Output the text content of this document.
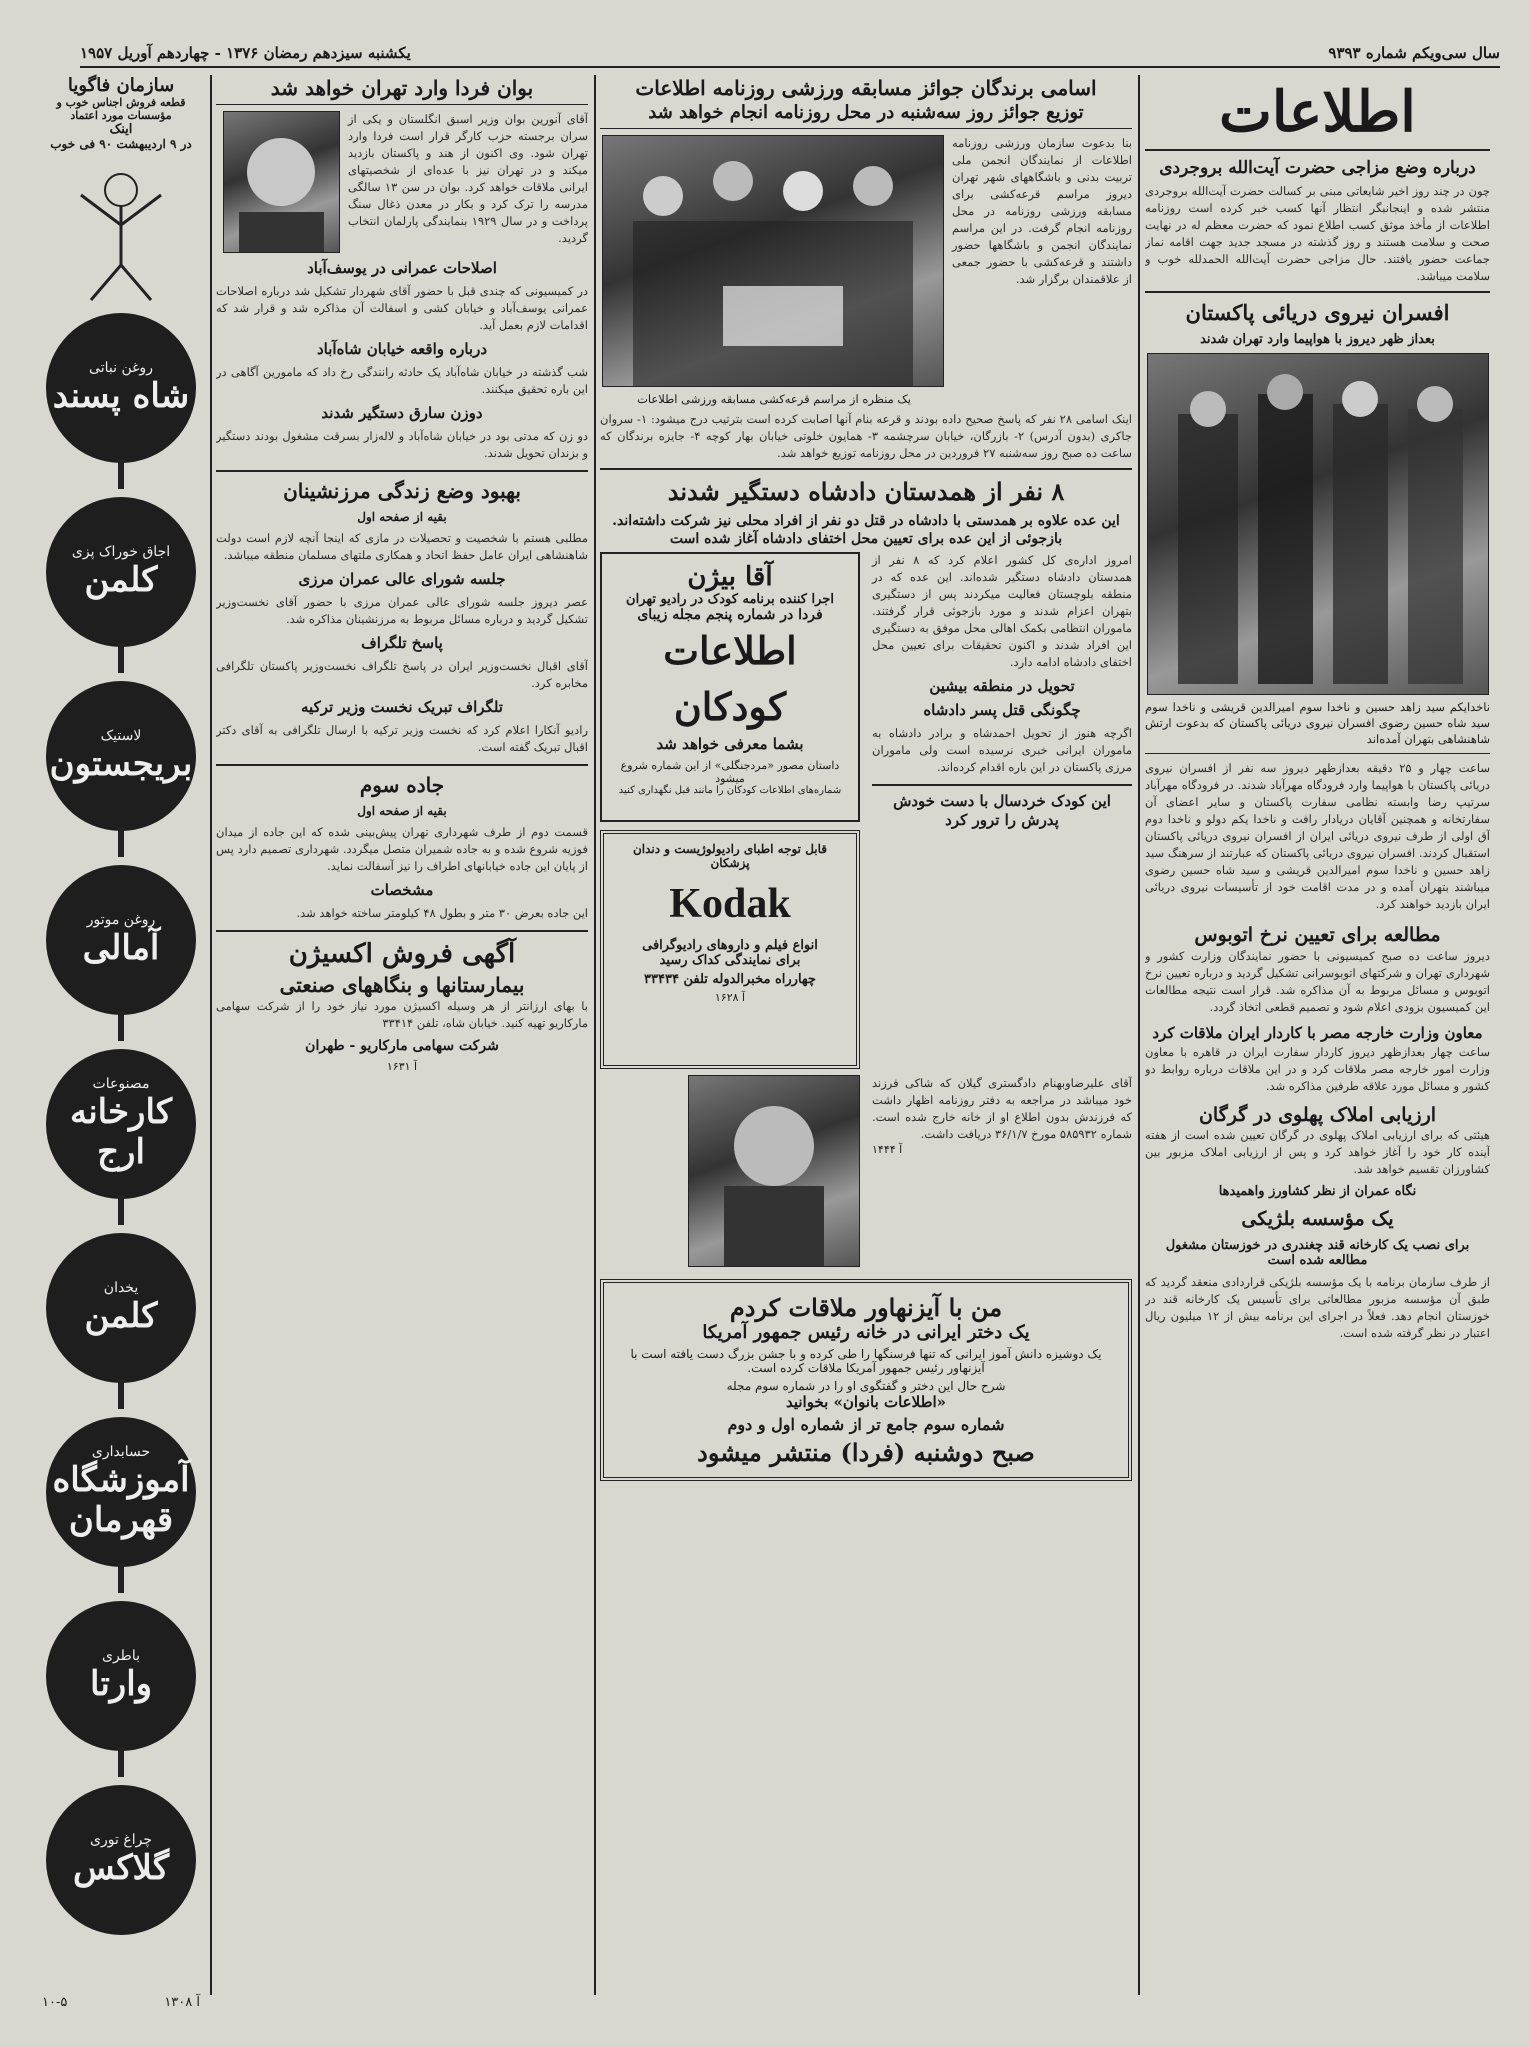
سال سی‌و‌یکم شماره ۹۳۹۳
یکشنبه سیزدهم رمضان ۱۳۷۶ - چهاردهم آوریل ۱۹۵۷
اطلاعات
درباره وضع مزاجی حضرت آیت‌الله بروجردی
چون در چند روز اخیر شایعاتی مبنی بر کسالت حضرت آیت‌الله بروجردی منتشر شده و اینجانبگر انتظار آنها کسب خبر کرده است روزنامه اطلاعات از مأخذ موثق کسب اطلاع نمود که حضرت معظم له در نهایت صحت و سلامت هستند و روز گذشته در مسجد جدید جهت اقامه نماز جماعت حضور یافتند. حال مزاجی حضرت آیت‌الله الحمدلله خوب و سلامت میباشد.
افسران نیروی دریائی پاکستان
بعداز ظهر دیروز با هواپیما وارد تهران شدند
ناخدایکم سید زاهد حسین و ناخدا سوم امیرالدین قریشی و ناخدا سوم سید شاه حسین رضوی افسران نیروی دریائی پاکستان که بدعوت ارتش شاهنشاهی بتهران آمده‌اند
ساعت چهار و ۲۵ دقیقه بعدازظهر دیروز سه نفر از افسران نیروی دریائی پاکستان با هواپیما وارد فرودگاه مهرآباد شدند. در فرودگاه مهرآباد سرتیپ رضا وابسته نظامی سفارت پاکستان و سایر اعضای آن سفارتخانه و همچنین آقایان دریادار رافت و ناخدا یکم دولو و ناخدا دوم آق اولی از طرف نیروی دریائی ایران از افسران نیروی دریائی پاکستان استقبال کردند. افسران نیروی دریائی پاکستان که عبارتند از سرهنگ سید زاهد حسین و ناخدا سوم امیرالدین قریشی و سید شاه حسین رضوی میباشند بتهران آمده و در مدت اقامت خود از تأسیسات نیروی دریائی ایران بازدید خواهند کرد.
مطالعه برای تعیین نرخ اتوبوس
دیروز ساعت ده صبح کمیسیونی با حضور نمایندگان وزارت کشور و شهرداری تهران و شرکتهای اتوبوسرانی تشکیل گردید و درباره تعیین نرخ اتوبوس و مسائل مربوط به آن مذاکره شد. قرار است نتیجه مطالعات این کمیسیون بزودی اعلام شود و تصمیم قطعی اتخاذ گردد.
معاون وزارت خارجه مصر با کاردار ایران ملاقات کرد
ساعت چهار بعدازظهر دیروز کاردار سفارت ایران در قاهره با معاون وزارت امور خارجه مصر ملاقات کرد و در این ملاقات درباره روابط دو کشور و مسائل مورد علاقه طرفین مذاکره شد.
ارزیابی املاک پهلوی در گرگان
هیئتی که برای ارزیابی املاک پهلوی در گرگان تعیین شده است از هفته آینده کار خود را آغاز خواهد کرد و پس از ارزیابی املاک مزبور بین کشاورزان تقسیم خواهد شد.
نگاه عمران از نظر کشاورز واهمیدها
یک مؤسسه بلژیکی
برای نصب یک کارخانه قند چغندری در خوزستان مشغول مطالعه شده است
از طرف سازمان برنامه با یک مؤسسه بلژیکی قراردادی منعقد گردید که طبق آن مؤسسه مزبور مطالعاتی برای تأسیس یک کارخانه قند در خوزستان انجام دهد. فعلاً در اجرای این برنامه بیش از ۱۲ میلیون ریال اعتبار در نظر گرفته شده است.
اسامی برندگان جوائز مسابقه ورزشی روزنامه اطلاعات
توزیع جوائز روز سه‌شنبه در محل روزنامه انجام خواهد شد
بنا بدعوت سازمان ورزشی روزنامه اطلاعات از نمایندگان انجمن ملی تربیت بدنی و باشگاههای شهر تهران دیروز مراسم قرعه‌کشی برای مسابقه ورزشی روزنامه در محل روزنامه انجام گرفت. در این مراسم نمایندگان انجمن و باشگاهها حضور داشتند و قرعه‌کشی با حضور جمعی از علاقمندان برگزار شد.
یک منظره از مراسم قرعه‌کشی مسابقه ورزشی اطلاعات
اینک اسامی ۲۸ نفر که پاسخ صحیح داده بودند و قرعه بنام آنها اصابت کرده است بترتیب درج میشود: ۱- سروان جاکری (بدون آدرس) ۲- بازرگان، خیابان سرچشمه ۳- همایون خلوتی خیابان بهار کوچه ۴- جایزه برندگان که ساعت ده صبح روز سه‌شنبه ۲۷ فروردین در محل روزنامه توزیع خواهد شد.
۸ نفر از همدستان دادشاه دستگیر شدند
این عده علاوه بر همدستی با دادشاه در قتل دو نفر از افراد محلی نیز شرکت داشته‌اند. بازجوئی از این عده برای تعیین محل اختفای دادشاه آغاز شده است
امروز اداره‌ی کل کشور اعلام کرد که ۸ نفر از همدستان دادشاه دستگیر شده‌اند. این عده که در منطقه بلوچستان فعالیت میکردند پس از دستگیری بتهران اعزام شدند و مورد بازجوئی قرار گرفتند. ماموران انتظامی بکمک اهالی محل موفق به دستگیری این افراد شدند و اکنون تحقیقات برای تعیین محل اختفای دادشاه ادامه دارد.
تحویل در منطقه بیشین
چگونگی قتل پسر دادشاه
اگرچه هنوز از تحویل احمدشاه و برادر دادشاه به ماموران ایرانی خبری نرسیده است ولی ماموران مرزی پاکستان در این باره اقدام کرده‌اند.
این کودک خردسال با دست خودش پدرش را ترور کرد
آقا بیژن
اجرا کننده برنامه کودک در رادیو تهران
فردا در شماره پنجم مجله زیبای
اطلاعات کودکان
بشما معرفی خواهد شد
داستان مصور «مردجنگلی» از این شماره شروع میشود
شماره‌های اطلاعات کودکان را مانند قبل نگهداری کنید
قابل توجه اطبای رادیولوژیست و دندان پزشکان
Kodak
انواع فیلم و داروهای رادیوگرافی
برای نمایندگی کداک رسید
چهارراه مخبرالدوله تلفن ۳۳۴۳۴
آ ۱۶۲۸
آقای علیرضاوبهنام دادگستری گیلان که شاکی فرزند خود میباشد در مراجعه به دفتر روزنامه اظهار داشت که فرزندش بدون اطلاع او از خانه خارج شده است. شماره ۵۸۵۹۳۲ مورخ ۳۶/۱/۷ دریافت داشت.
آ ۱۴۴۴
من با آیزنهاور ملاقات کردم
یک دختر ایرانی در خانه رئیس جمهور آمریکا
یک دوشیزه دانش آموز ایرانی که تنها فرسنگها را طی کرده و با جشن بزرگ دست یافته است با آیزنهاور رئیس جمهور آمریکا ملاقات کرده است.
شرح حال این دختر و گفتگوی او را در شماره سوم مجله
«اطلاعات بانوان» بخوانید
شماره سوم جامع تر از شماره اول و دوم
صبح دوشنبه (فردا) منتشر میشود
بوان فردا وارد تهران خواهد شد
آقای آنورین بوان وزیر اسبق انگلستان و یکی از سران برجسته حزب کارگر قرار است فردا وارد تهران شود. وی اکنون از هند و پاکستان بازدید میکند و در تهران نیز با عده‌ای از شخصیتهای ایرانی ملاقات خواهد کرد. بوان در سن ۱۳ سالگی مدرسه را ترک کرد و بکار در معدن ذغال سنگ پرداخت و در سال ۱۹۲۹ بنمایندگی پارلمان انتخاب گردید.
اصلاحات عمرانی در یوسف‌آباد
در کمیسیونی که چندی قبل با حضور آقای شهردار تشکیل شد درباره اصلاحات عمرانی یوسف‌آباد و خیابان کشی و اسفالت آن مذاکره شد و قرار شد که اقدامات لازم بعمل آید.
درباره واقعه خیابان شاه‌آباد
شب گذشته در خیابان شاه‌آباد یک حادثه رانندگی رخ داد که مامورین آگاهی در این باره تحقیق میکنند.
دوزن سارق دستگیر شدند
دو زن که مدتی بود در خیابان شاه‌آباد و لاله‌زار بسرقت مشغول بودند دستگیر و بزندان تحویل شدند.
بهبود وضع زندگی مرزنشینان
بقیه از صفحه اول
مطلبی هستم با شخصیت و تحصیلات در مازی که اینجا آنچه لازم است دولت شاهنشاهی ایران عامل حفظ اتحاد و همکاری ملتهای مسلمان منطقه میباشد.
جلسه شورای عالی عمران مرزی
عصر دیروز جلسه شورای عالی عمران مرزی با حضور آقای نخست‌وزیر تشکیل گردید و درباره مسائل مربوط به مرزنشینان مذاکره شد.
پاسخ تلگراف
آقای اقبال نخست‌وزیر ایران در پاسخ تلگراف نخست‌وزیر پاکستان تلگرافی مخابره کرد.
تلگراف تبریک نخست وزیر ترکیه
راديو آنکارا اعلام کرد که نخست وزیر ترکیه با ارسال تلگرافی به آقای دکتر اقبال تبریک گفته است.
جاده سوم
بقیه از صفحه اول
قسمت دوم از طرف شهرداری تهران پیش‌بینی شده که این جاده از میدان فوزیه شروع شده و به جاده شمیران متصل میگردد. شهرداری تصمیم دارد پس از پایان این جاده خیابانهای اطراف را نیز آسفالت نماید.
مشخصات
این جاده بعرض ۳۰ متر و بطول ۴۸ کیلومتر ساخته خواهد شد.
آگهی فروش اکسیژن
بیمارستانها و بنگاههای صنعتی
با بهای ارزانتر از هر وسیله اکسیژن مورد نیاز خود را از شرکت سهامی مارکاریو تهیه کنید. خیابان شاه، تلفن ۳۳۴۱۴
شرکت سهامی مارکاریو - طهران
آ ۱۶۳۱
سازمان فاگویا
قطعه فروش اجناس خوب و مؤسسات مورد اعتماد
اینک
در ۹ اردیبهشت ۹۰ فی خوب
روغن نباتی
شاه پسند
اجاق خوراک پزی
کلمن
لاستیک
بریجستون
روغن موتور
آمالی
مصنوعات
کارخانه ارج
یخدان
کلمن
حسابداری
آموزشگاه قهرمان
باطری
وارتا
چراغ توری
گلاکس
۱۰-۵	آ ۱۳۰۸
